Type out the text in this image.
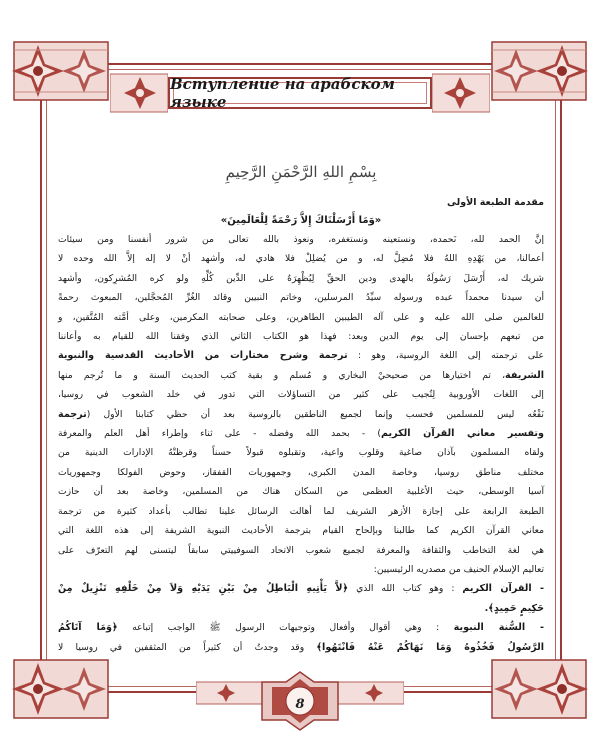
Вступление на арабском языке
8
بِسْمِ اللهِ الرَّحْمَنِ الرَّحِيمِ
مقدمة الطبعة الأولى
«وَمَا أَرْسَلْنَاكَ إِلاَّ رَحْمَةً لِلْعَالَمِينَ»
إنَّ الحمد لله، نَحمده، ونستعينه ونستغفره، ونعوذ بالله تعالى من شرور أنفسنا ومن سيئات
أعمالنا، من يَهْدِهِ اللهُ فلا مُضِلَّ له، و من يُضلِلْ فلا هادي له، وأشهد أنْ لا إله إلاَّ الله وحده لا
شريك له، أَرْسَلَ رَسُولَهُ بالهدى ودين الحقِّ لِيُظْهِرَهُ على الدِّين كُلِّهِ ولو كره المُشرِكون، وأشهد
أن سيدنا محمداً عبده ورسوله سيِّدُ المرسلين، وخاتم النبيين وقائد الغُرِّ المُحجَّلين، المبعوث رحمةً
للعالمين صلى الله عليه و على آله الطيبين الطاهرين، وعلى صحابته المكرمين، وعلى أمَّته المُتَّقين، و
من تبعهم بإحسان إلى يوم الدين وبعد: فهذا هو الكتاب الثاني الذي وفقنا الله للقيام به وأعاننا
على ترجمته إلى اللغة الروسية، وهو : ترجمة وشرح مختارات من الأحاديث القدسية والنبوية
الشريفة، تم اختيارها من صحيحيْ البخاري و مُسلم و بقية كتب الحديث السنة و ما تُرجم منها
إلى اللغات الأوروبية لِتُجيب على كثير من التساؤلات التي تدور في خلد الشعوب في روسيا،
نَفْعُه ليس للمسلمين فحسب وإنما لجميع الناطقين بالروسية بعد أن حظي كتابنا الأول (ترجمة
وتفسير معاني القرآن الكريم) - بحمد الله وفضله - على ثناء وإطراء أهل العلم والمعرفة
ولقاه المسلمون بآذان صاغية وقلوب واعية، وتقبلوه قبولاً حسناً وقرظتْهُ الإدارات الدينية من
مختلف مناطق روسيا، وخاصة المدن الكبرى، وجمهوريات القفقاز، وحوض الفولكا وجمهوريات
آسيا الوسطى، حيث الأغلبية العظمى من السكان هناك من المسلمين، وخاصة بعد أن حازت
الطبعة الرابعة على إجازة الأزهر الشريف لما أهالت الرسائل علينا تطالب بأعداد كثيرة من ترجمة
معاني القرآن الكريم كما طالبنا وبإلحاح القيام بترجمة الأحاديث النبوية الشريفة إلى هذه اللغة التي
هي لغة التخاطب والثقافة والمعرفة لجميع شعوب الاتحاد السوفييتي سابقاً ليتسنى لهم التعرّف على
تعاليم الإسلام الحنيف من مصدريه الرئيسيين:
- القرآن الكريم : وهو كتاب الله الذي ﴿لاَّ يَأْتِيهِ الْبَاطِلُ مِنْ بَيْنِ يَدَيْهِ وَلاَ مِنْ خَلْفِهِ تَنْزِيلٌ مِنْ
حَكِيمٍ حَمِيدٍ﴾.
- السُّنة النبوية : وهي أقوال وأفعال وتوجيهات الرسول ﷺ الواجب إتباعه ﴿وَمَا آتَاكُمُ
الرَّسُولُ فَخُذُوهُ وَمَا نَهَاكُمْ عَنْهُ فَانْتَهُوا﴾ وقد وجدتُ أن كثيراً من المثقفين في روسيا لا
